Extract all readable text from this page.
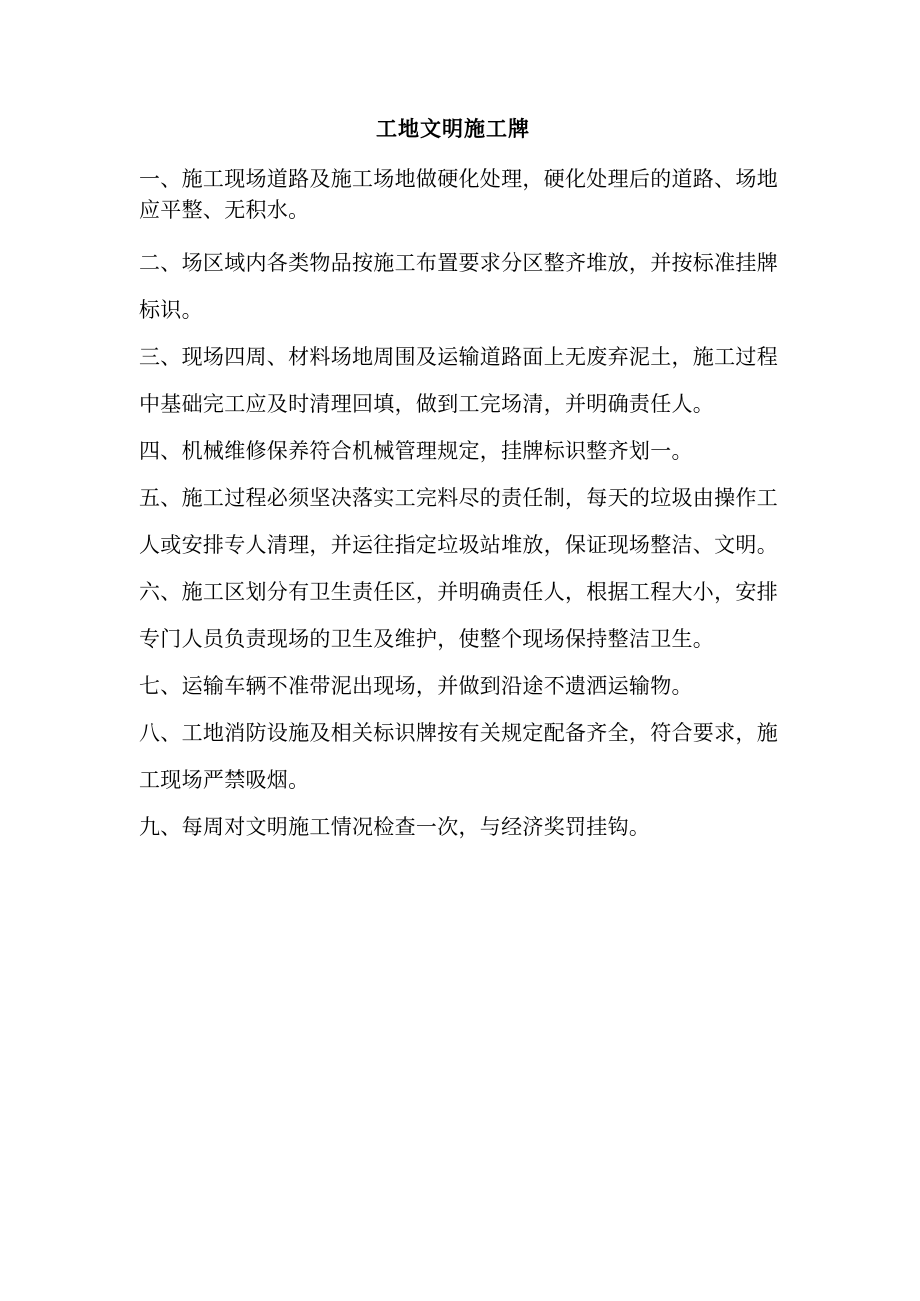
工地文明施工牌

一、施工现场道路及施工场地做硬化处理，硬化处理后的道路、场地应平整、无积水。

二、场区域内各类物品按施工布置要求分区整齐堆放，并按标准挂牌标识。

三、现场四周、材料场地周围及运输道路面上无废弃泥土，施工过程中基础完工应及时清理回填，做到工完场清，并明确责任人。

四、机械维修保养符合机械管理规定，挂牌标识整齐划一。

五、施工过程必须坚决落实工完料尽的责任制，每天的垃圾由操作工人或安排专人清理，并运往指定垃圾站堆放，保证现场整洁、文明。

六、施工区划分有卫生责任区，并明确责任人，根据工程大小，安排专门人员负责现场的卫生及维护，使整个现场保持整洁卫生。

七、运输车辆不准带泥出现场，并做到沿途不遗洒运输物。

八、工地消防设施及相关标识牌按有关规定配备齐全，符合要求，施工现场严禁吸烟。

九、每周对文明施工情况检查一次，与经济奖罚挂钩。
